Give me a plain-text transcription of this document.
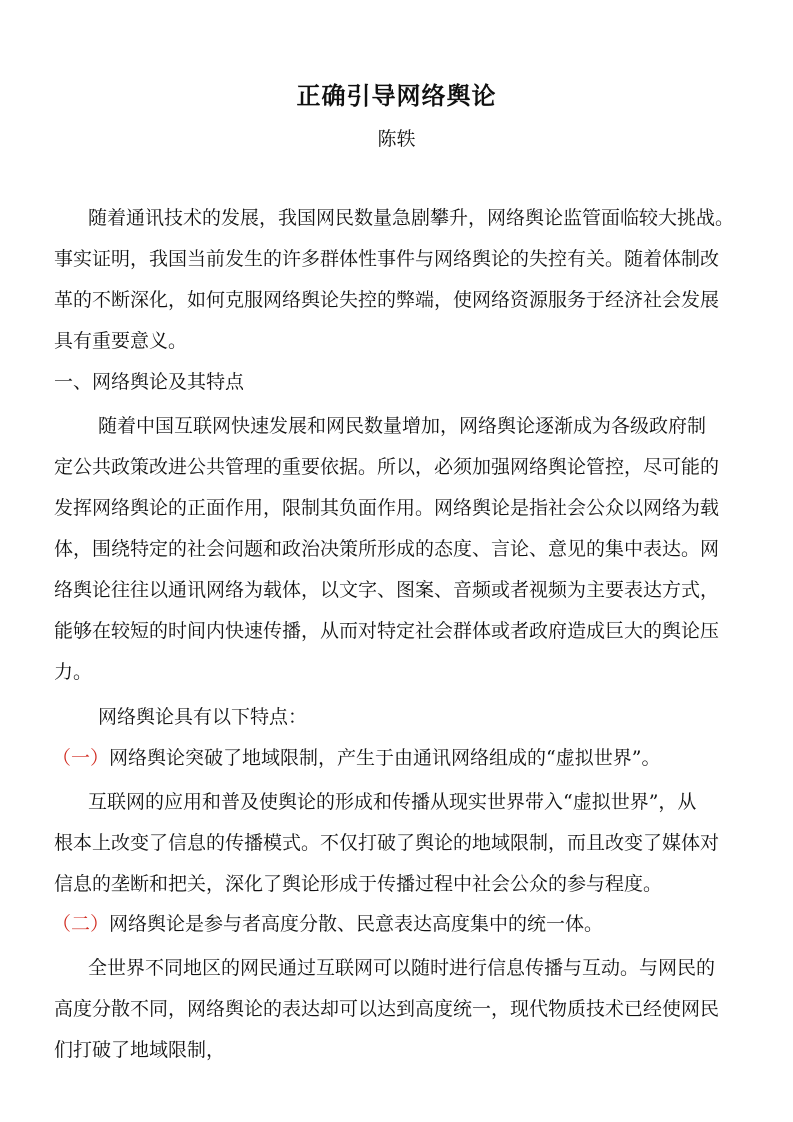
正确引导网络舆论
陈轶
随着通讯技术的发展，我国网民数量急剧攀升，网络舆论监管面临较大挑战。
事实证明，我国当前发生的许多群体性事件与网络舆论的失控有关。随着体制改
革的不断深化，如何克服网络舆论失控的弊端，使网络资源服务于经济社会发展
具有重要意义。
一、网络舆论及其特点
随着中国互联网快速发展和网民数量增加，网络舆论逐渐成为各级政府制
定公共政策改进公共管理的重要依据。所以，必须加强网络舆论管控，尽可能的
发挥网络舆论的正面作用，限制其负面作用。网络舆论是指社会公众以网络为载
体，围绕特定的社会问题和政治决策所形成的态度、言论、意见的集中表达。网
络舆论往往以通讯网络为载体，以文字、图案、音频或者视频为主要表达方式，
能够在较短的时间内快速传播，从而对特定社会群体或者政府造成巨大的舆论压
力。
网络舆论具有以下特点：
（一）网络舆论突破了地域限制，产生于由通讯网络组成的“虚拟世界”。
互联网的应用和普及使舆论的形成和传播从现实世界带入“虚拟世界”，从
根本上改变了信息的传播模式。不仅打破了舆论的地域限制，而且改变了媒体对
信息的垄断和把关，深化了舆论形成于传播过程中社会公众的参与程度。
（二）网络舆论是参与者高度分散、民意表达高度集中的统一体。
全世界不同地区的网民通过互联网可以随时进行信息传播与互动。与网民的
高度分散不同，网络舆论的表达却可以达到高度统一，现代物质技术已经使网民
们打破了地域限制，
